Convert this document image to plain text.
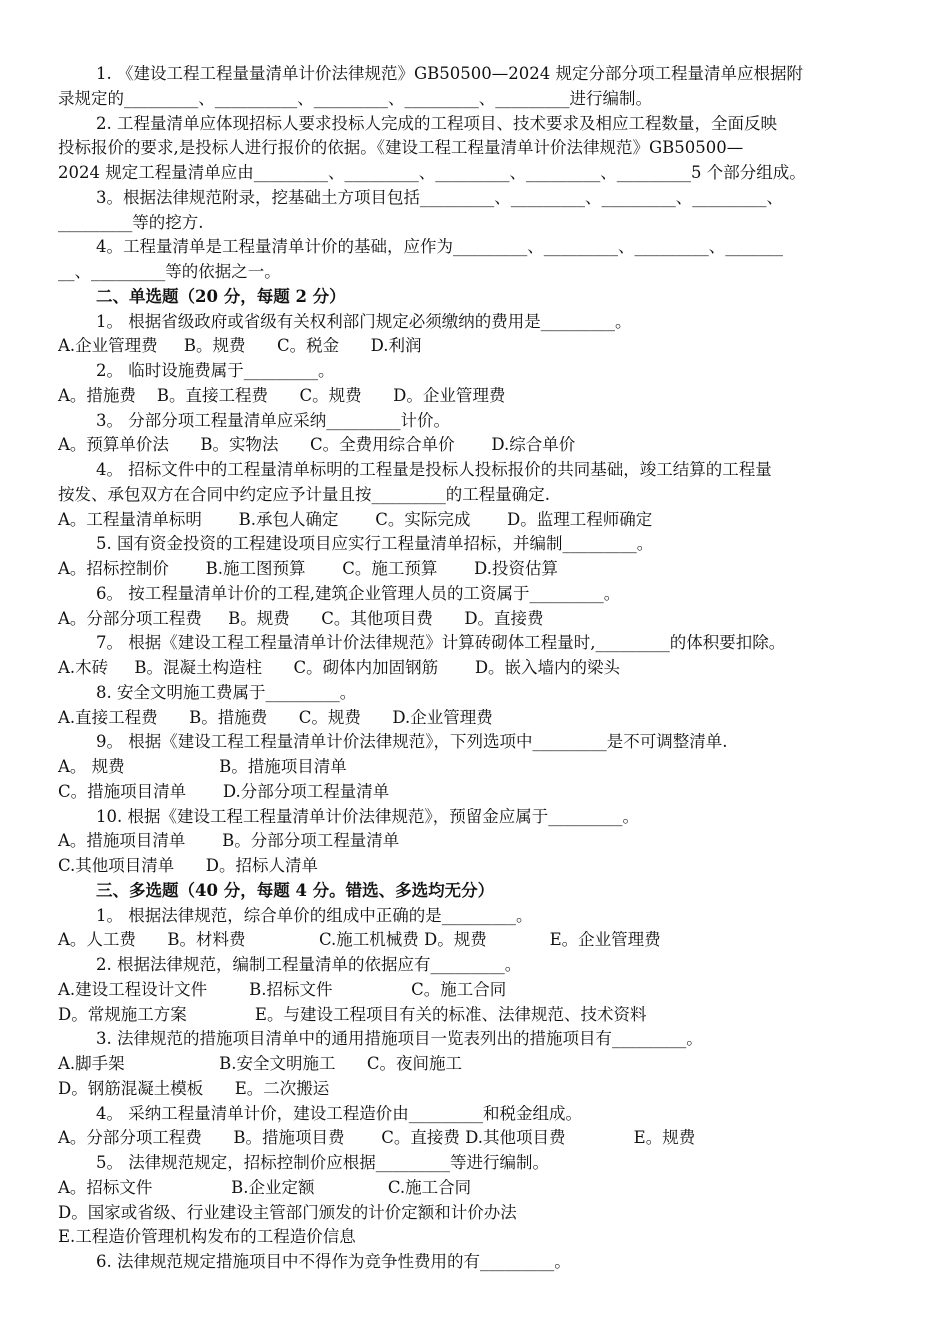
1. 《建设工程工程量量清单计价法律规范》GB50500—2024 规定分部分项工程量清单应根据附
录规定的_________、__________、_________、_________、_________进行编制。
2. 工程量清单应体现招标人要求投标人完成的工程项目、技术要求及相应工程数量，全面反映
投标报价的要求,是投标人进行报价的依据。《建设工程工程量清单计价法律规范》GB50500—
2024 规定工程量清单应由_________、_________、_________、_________、_________5 个部分组成。
3。根据法律规范附录，挖基础土方项目包括_________、_________、_________、_________、
_________等的挖方.
4。工程量清单是工程量清单计价的基础，应作为_________、_________、_________、_______
__、_________等的依据之一。
二、单选题（20 分，每题 2 分）
1。 根据省级政府或省级有关权利部门规定必须缴纳的费用是_________。
A.企业管理费     B。规费      C。税金      D.利润
2。 临时设施费属于_________。
A。措施费    B。直接工程费      C。规费      D。企业管理费
3。 分部分项工程量清单应采纳_________计价。
A。预算单价法      B。实物法      C。全费用综合单价       D.综合单价
4。 招标文件中的工程量清单标明的工程量是投标人投标报价的共同基础，竣工结算的工程量
按发、承包双方在合同中约定应予计量且按_________的工程量确定.
A。工程量清单标明       B.承包人确定       C。实际完成       D。监理工程师确定
5. 国有资金投资的工程建设项目应实行工程量清单招标，并编制_________。
A。招标控制价       B.施工图预算       C。施工预算       D.投资估算
6。 按工程量清单计价的工程,建筑企业管理人员的工资属于_________。
A。分部分项工程费     B。规费      C。其他项目费      D。直接费
7。 根据《建设工程工程量清单计价法律规范》计算砖砌体工程量时,_________的体积要扣除。
A.木砖     B。混凝土构造柱      C。砌体内加固钢筋       D。嵌入墙内的梁头
8. 安全文明施工费属于_________。
A.直接工程费      B。措施费      C。规费      D.企业管理费
9。 根据《建设工程工程量清单计价法律规范》，下列选项中_________是不可调整清单.
A。 规费                  B。措施项目清单
C。措施项目清单       D.分部分项工程量清单
10. 根据《建设工程工程量清单计价法律规范》，预留金应属于_________。
A。措施项目清单       B。分部分项工程量清单
C.其他项目清单      D。招标人清单
三、多选题（40 分，每题 4 分。错选、多选均无分）
1。 根据法律规范，综合单价的组成中正确的是_________。
A。人工费      B。材料费              C.施工机械费 D。规费            E。企业管理费
2. 根据法律规范，编制工程量清单的依据应有_________。
A.建设工程设计文件        B.招标文件               C。施工合同
D。常规施工方案             E。与建设工程项目有关的标准、法律规范、技术资料
3. 法律规范的措施项目清单中的通用措施项目一览表列出的措施项目有_________。
A.脚手架                  B.安全文明施工      C。夜间施工
D。钢筋混凝土模板      E。二次搬运
4。 采纳工程量清单计价，建设工程造价由_________和税金组成。
A。分部分项工程费      B。措施项目费       C。直接费 D.其他项目费             E。规费
5。 法律规范规定，招标控制价应根据_________等进行编制。
A。招标文件               B.企业定额              C.施工合同
D。国家或省级、行业建设主管部门颁发的计价定额和计价办法
E.工程造价管理机构发布的工程造价信息
6. 法律规范规定措施项目中不得作为竞争性费用的有_________。
